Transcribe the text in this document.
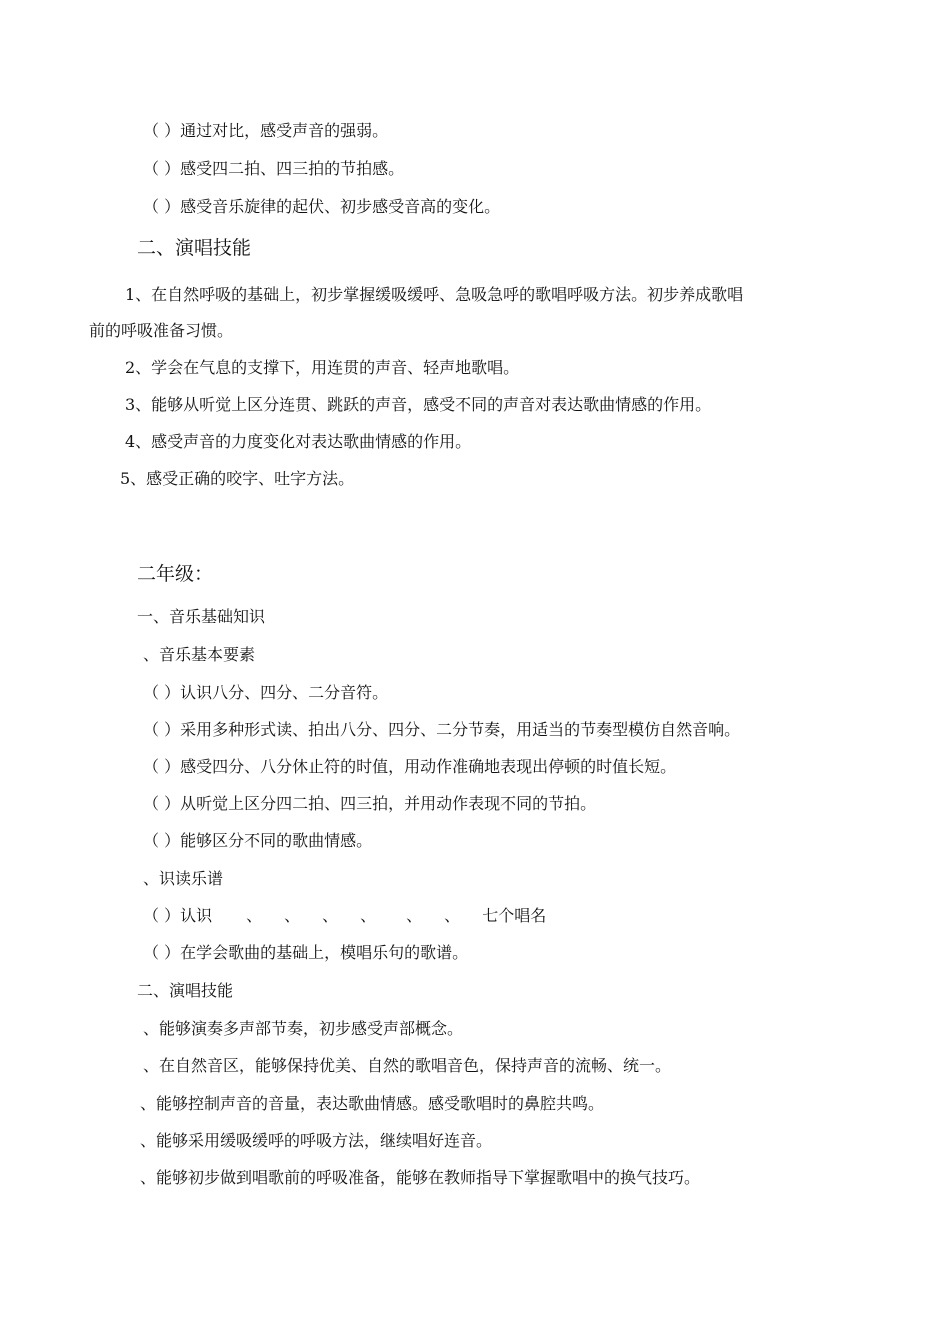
（ ）通过对比，感受声音的强弱。
（ ）感受四二拍、四三拍的节拍感。
（ ）感受音乐旋律的起伏、初步感受音高的变化。
二、演唱技能
1、在自然呼吸的基础上，初步掌握缓吸缓呼、急吸急呼的歌唱呼吸方法。初步养成歌唱
前的呼吸准备习惯。
2、学会在气息的支撑下，用连贯的声音、轻声地歌唱。
3、能够从听觉上区分连贯、跳跃的声音，感受不同的声音对表达歌曲情感的作用。
4、感受声音的力度变化对表达歌曲情感的作用。
5、感受正确的咬字、吐字方法。
二年级：
一、音乐基础知识
、音乐基本要素
（ ）认识八分、四分、二分音符。
（ ）采用多种形式读、拍出八分、四分、二分节奏，用适当的节奏型模仿自然音响。
（ ）感受四分、八分休止符的时值，用动作准确地表现出停顿的时值长短。
（ ）从听觉上区分四二拍、四三拍，并用动作表现不同的节拍。
（ ）能够区分不同的歌曲情感。
、识读乐谱
（ ）认识 、 、 、 、 、 、 七个唱名
（ ）在学会歌曲的基础上，模唱乐句的歌谱。
二、演唱技能
、能够演奏多声部节奏，初步感受声部概念。
、在自然音区，能够保持优美、自然的歌唱音色，保持声音的流畅、统一。
、能够控制声音的音量，表达歌曲情感。感受歌唱时的鼻腔共鸣。
、能够采用缓吸缓呼的呼吸方法，继续唱好连音。
、能够初步做到唱歌前的呼吸准备，能够在教师指导下掌握歌唱中的换气技巧。
